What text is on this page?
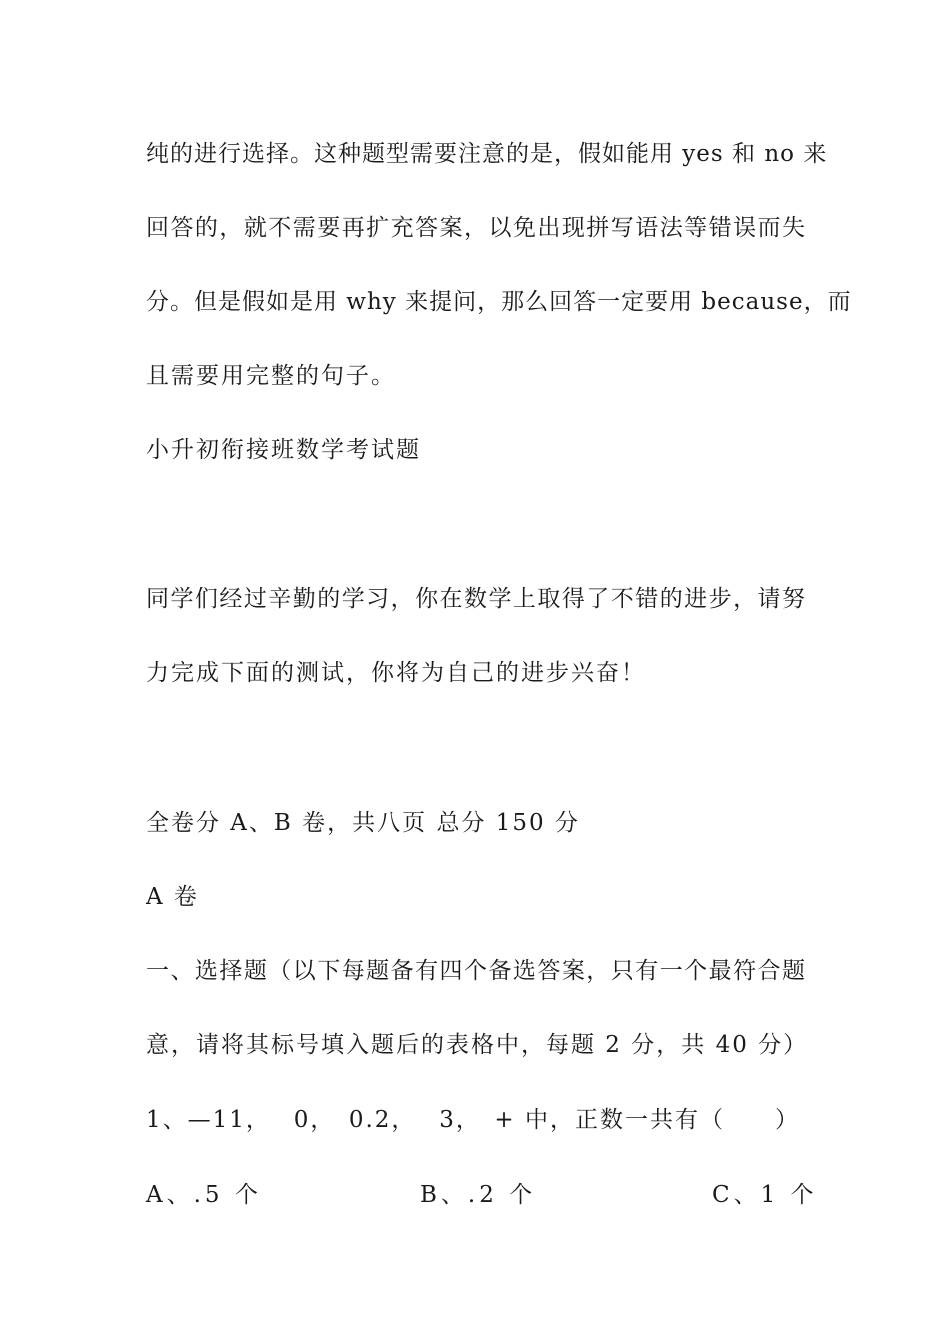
纯的进行选择。这种题型需要注意的是，假如能用 yes 和 no 来
回答的，就不需要再扩充答案，以免出现拼写语法等错误而失
分。但是假如是用 why 来提问，那么回答一定要用 because，而
且需要用完整的句子。
小升初衔接班数学考试题
同学们经过辛勤的学习，你在数学上取得了不错的进步，请努
力完成下面的测试，你将为自己的进步兴奋！
全卷分 A、B 卷，共八页 总分 150 分
A 卷
一、选择题（以下每题备有四个备选答案，只有一个最符合题
意，请将其标号填入题后的表格中，每题 2 分，共 40 分）
1、—11，　 0，　0.2，　 3，　+ 中，正数一共有（　　）
A、.5 个	B、.2 个	C、1 个
